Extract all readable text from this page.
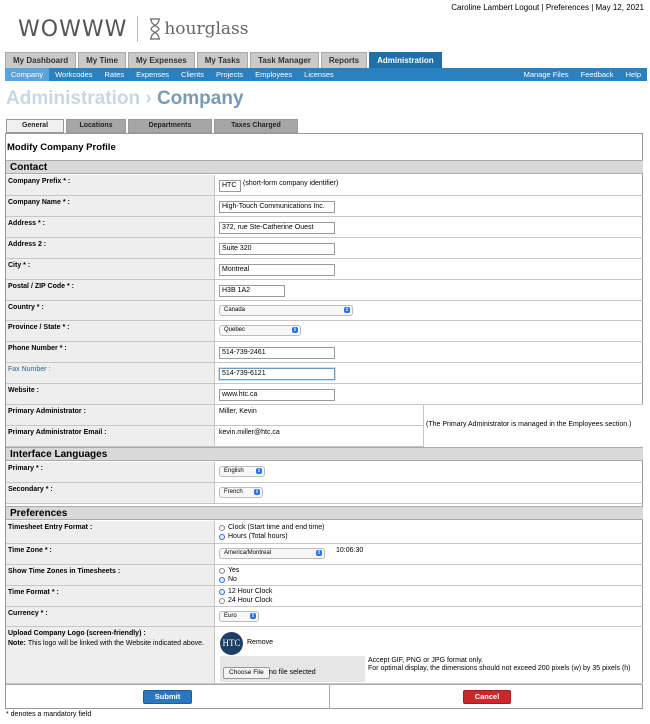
Caroline Lambert Logout | Preferences | May 12, 2021
WOWWW hourglass
My Dashboard	My Time	My Expenses	My Tasks	Task Manager	Reports	Administration
Company	Workcodes	Rates	Expenses	Clients	Projects	Employees	Licenses	Manage Files	Feedback	Help
Administration › Company
General	Locations	Departments	Taxes Charged
Modify Company Profile
Contact
Company Prefix * :
HTC (short-form company identifier)
Company Name * :
High-Touch Communications Inc.
Address * :
372, rue Ste-Catherine Ouest
Address 2 :
Suite 320
City * :
Montreal
Postal / ZIP Code * :
H3B 1A2
Country * :	Canada	⇕
Province / State * :	Quebec	⇕
Phone Number * :
514-739-2461
Fax Number :
514-739-6121
Website :
www.htc.ca
Primary Administrator :	Miller, Kevin
Primary Administrator Email :	kevin.miller@htc.ca
(The Primary Administrator is managed in the Employees section.)
Interface Languages
Primary * :	English	⇕
Secondary * :	French ⇕
Preferences
Timesheet Entry Format :	Clock (Start time and end time)
Hours (Total hours)
Time Zone * :	America/Montreal	⇕ 10:06:30
Show Time Zones in Timesheets :	Yes
No
Time Format * :	12 Hour Clock
24 Hour Clock
Currency * :	Euro	⇕
Upload Company Logo (screen-friendly) :
Note: This logo will be linked with the Website indicated above.	HTC Remove
Choose File no file selected
Accept GIF, PNG or JPG format only.
For optimal display, the dimensions should not exceed 200 pixels (w) by 35 pixels (h)
Submit	Cancel
* denotes a mandatory field
